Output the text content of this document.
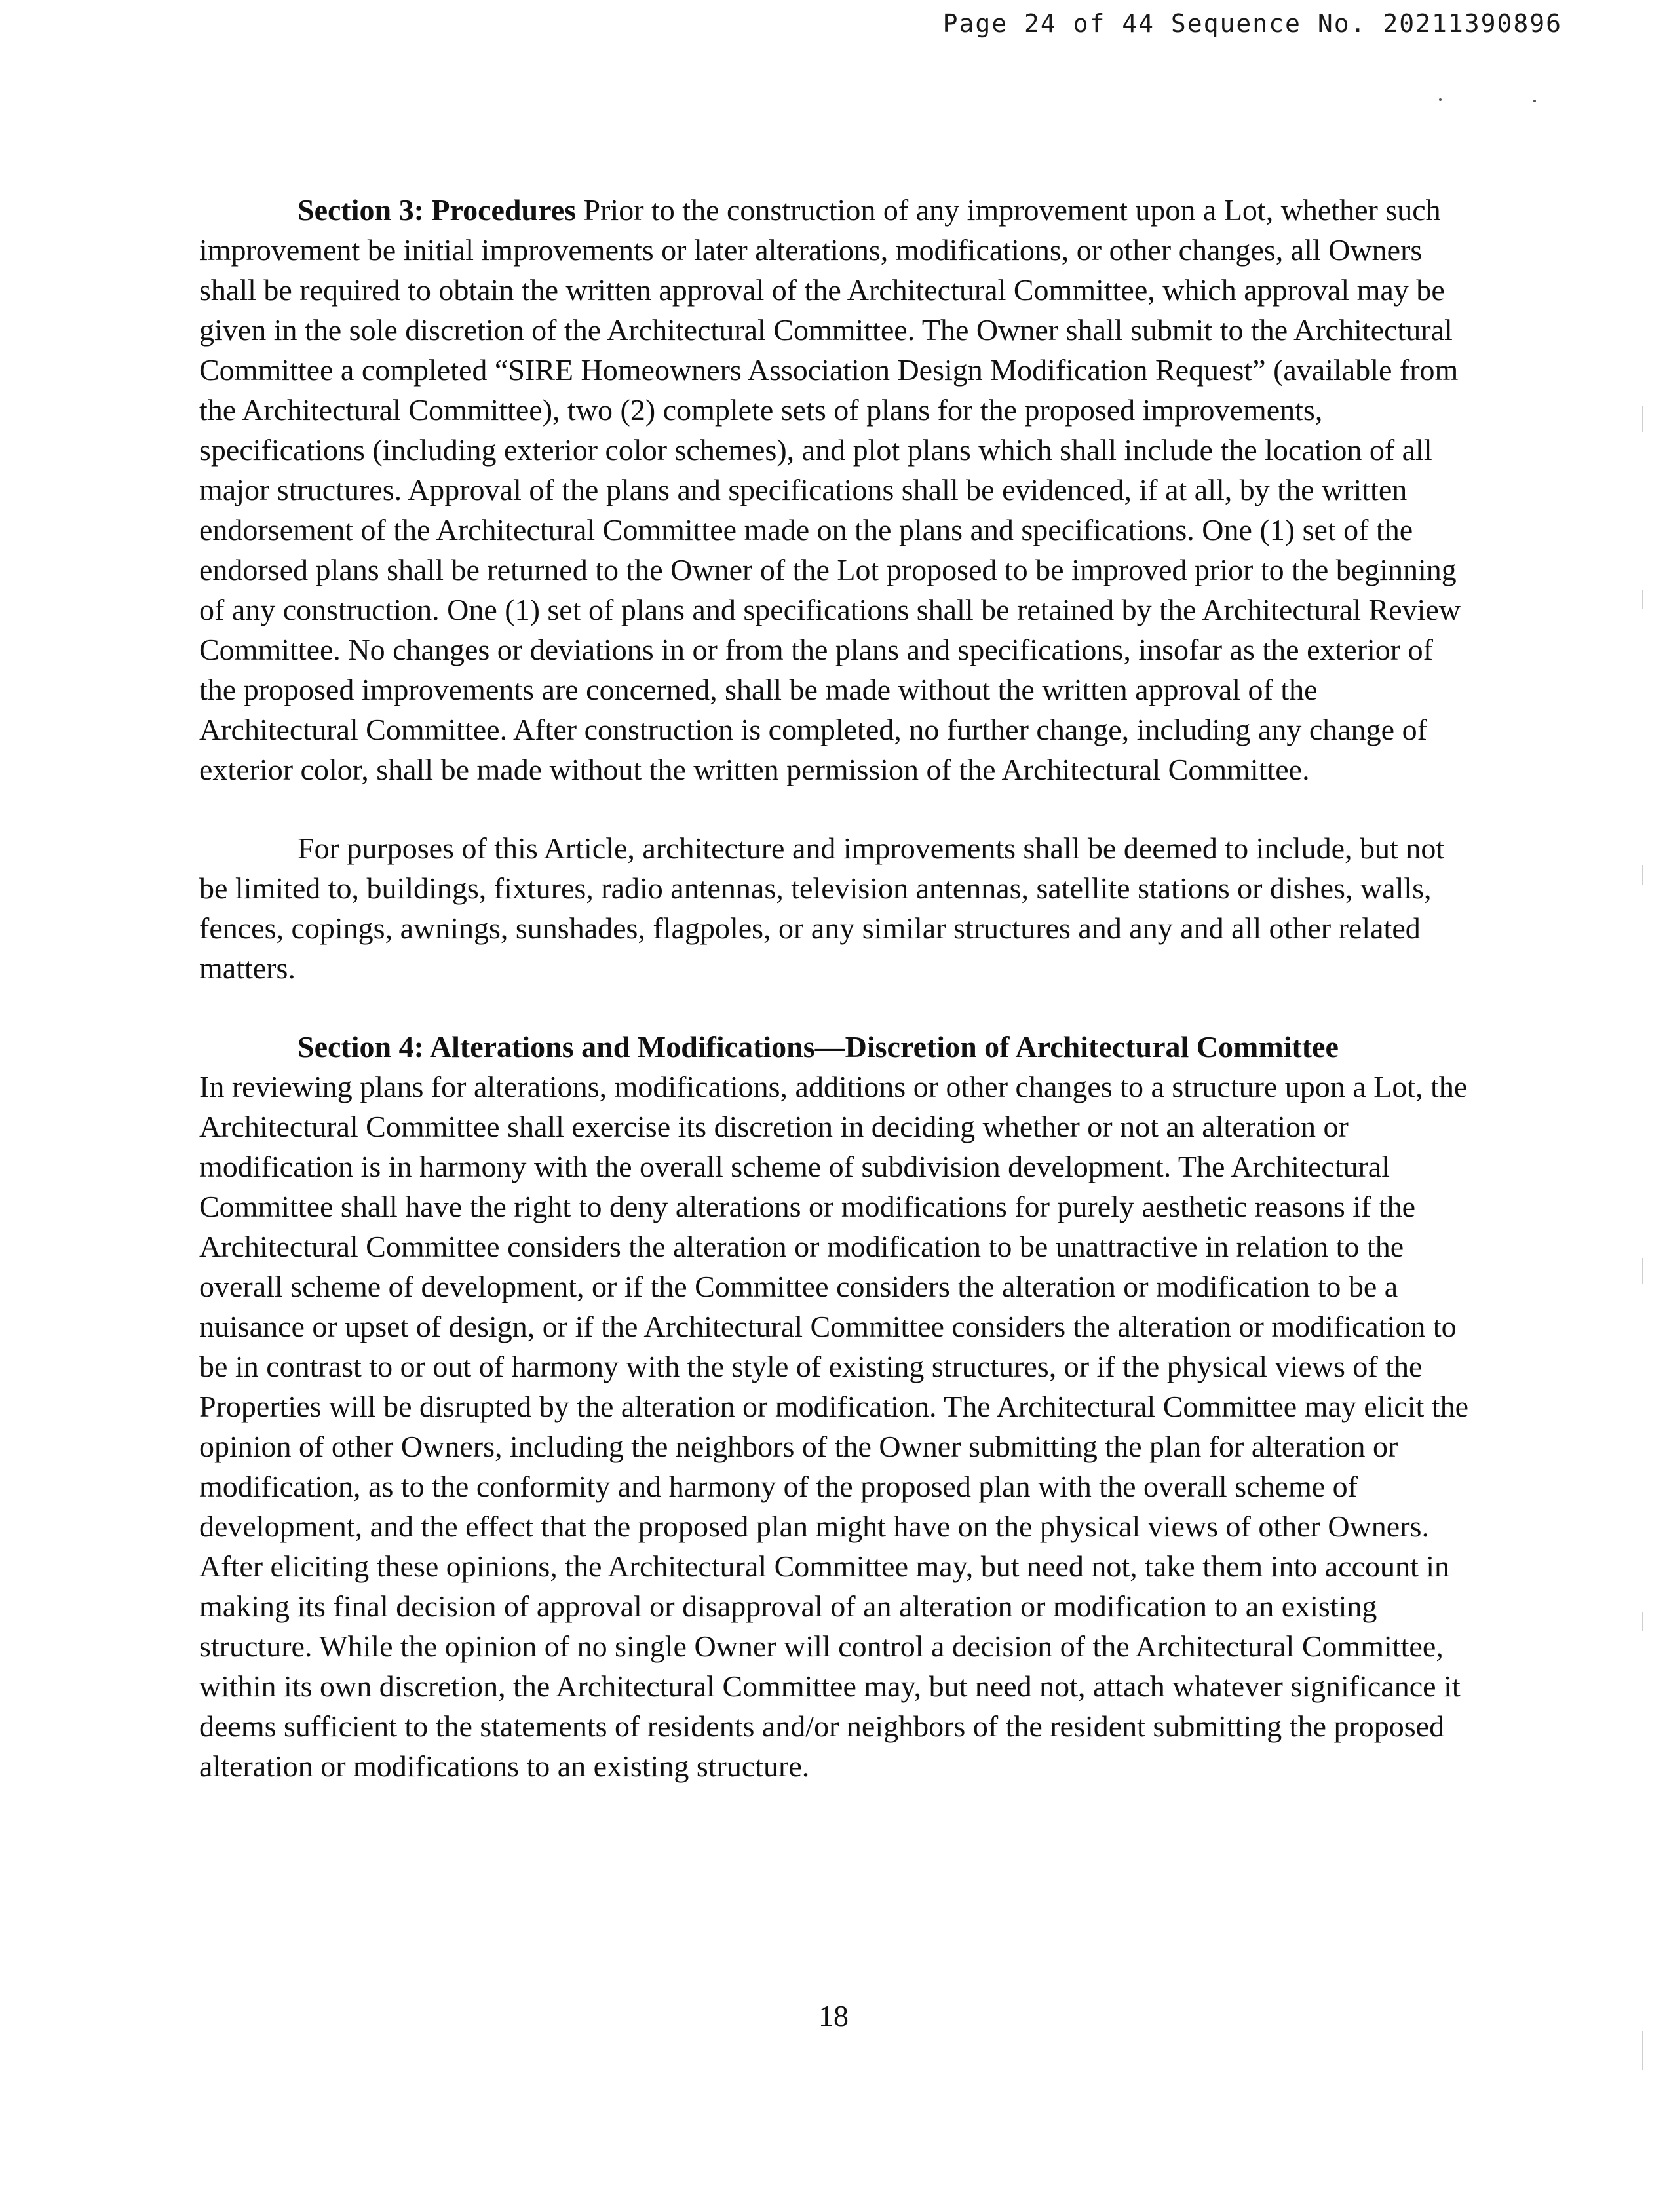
Page 24 of 44 Sequence No. 20211390896

Section 3: Procedures Prior to the construction of any improvement upon a Lot, whether such improvement be initial improvements or later alterations, modifications, or other changes, all Owners shall be required to obtain the written approval of the Architectural Committee, which approval may be given in the sole discretion of the Architectural Committee. The Owner shall submit to the Architectural Committee a completed “SIRE Homeowners Association Design Modification Request” (available from the Architectural Committee), two (2) complete sets of plans for the proposed improvements, specifications (including exterior color schemes), and plot plans which shall include the location of all major structures. Approval of the plans and specifications shall be evidenced, if at all, by the written endorsement of the Architectural Committee made on the plans and specifications. One (1) set of the endorsed plans shall be returned to the Owner of the Lot proposed to be improved prior to the beginning of any construction. One (1) set of plans and specifications shall be retained by the Architectural Review Committee. No changes or deviations in or from the plans and specifications, insofar as the exterior of the proposed improvements are concerned, shall be made without the written approval of the Architectural Committee. After construction is completed, no further change, including any change of exterior color, shall be made without the written permission of the Architectural Committee.

For purposes of this Article, architecture and improvements shall be deemed to include, but not be limited to, buildings, fixtures, radio antennas, television antennas, satellite stations or dishes, walls, fences, copings, awnings, sunshades, flagpoles, or any similar structures and any and all other related matters.

Section 4: Alterations and Modifications—Discretion of Architectural Committee
In reviewing plans for alterations, modifications, additions or other changes to a structure upon a Lot, the Architectural Committee shall exercise its discretion in deciding whether or not an alteration or modification is in harmony with the overall scheme of subdivision development. The Architectural Committee shall have the right to deny alterations or modifications for purely aesthetic reasons if the Architectural Committee considers the alteration or modification to be unattractive in relation to the overall scheme of development, or if the Committee considers the alteration or modification to be a nuisance or upset of design, or if the Architectural Committee considers the alteration or modification to be in contrast to or out of harmony with the style of existing structures, or if the physical views of the Properties will be disrupted by the alteration or modification. The Architectural Committee may elicit the opinion of other Owners, including the neighbors of the Owner submitting the plan for alteration or modification, as to the conformity and harmony of the proposed plan with the overall scheme of development, and the effect that the proposed plan might have on the physical views of other Owners. After eliciting these opinions, the Architectural Committee may, but need not, take them into account in making its final decision of approval or disapproval of an alteration or modification to an existing structure. While the opinion of no single Owner will control a decision of the Architectural Committee, within its own discretion, the Architectural Committee may, but need not, attach whatever significance it deems sufficient to the statements of residents and/or neighbors of the resident submitting the proposed alteration or modifications to an existing structure.

18
